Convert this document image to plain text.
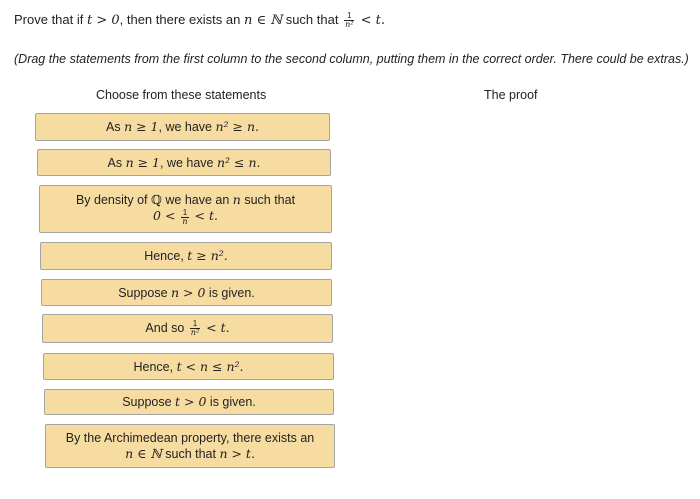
Prove that if t > 0, then there exists an n ∈ ℕ such that $\frac{1}{\text{n²}} < t$.
(Drag the statements from the first column to the second column, putting them in the correct order. There could be extras.)
Choose from these statements	The proof
As n ≥ 1, we have n² ≥ n.
As n ≥ 1, we have n² ≤ n.
By density of ℚ we have an n such that
$0 < \frac{1}{n} < t$.
Hence, t ≥ n².
Suppose n > 0 is given.
And so $\frac{1}{\text{n²}} < t$.
Hence, t < n ≤ n².
Suppose t > 0 is given.
By the Archimedean property, there exists an
n ∈ ℕ such that n > t.
